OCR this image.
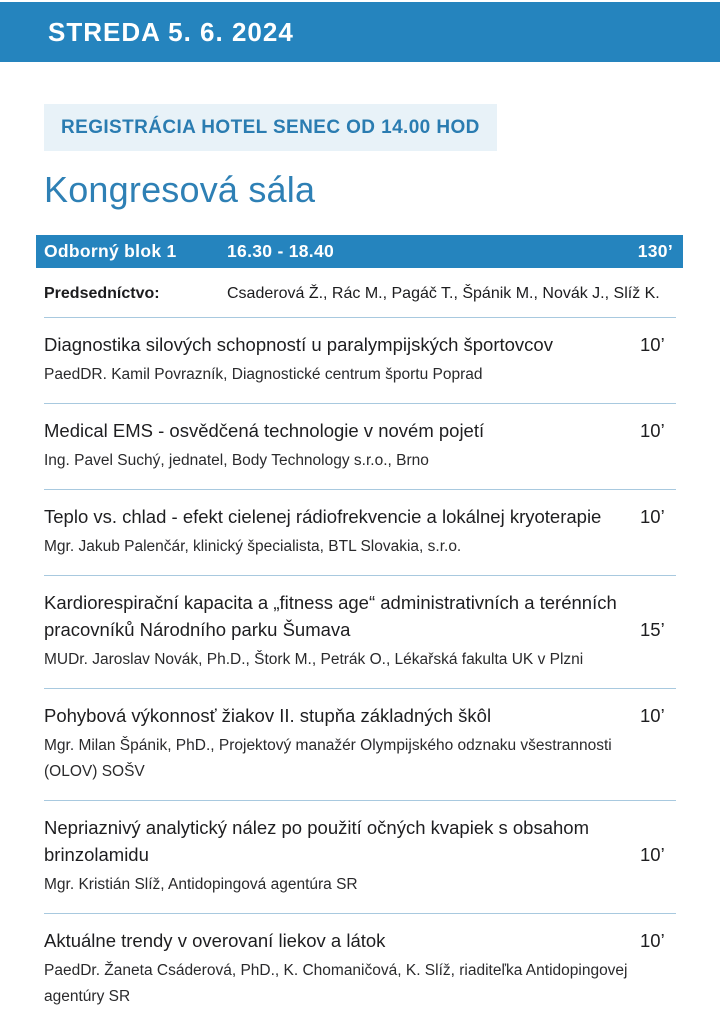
STREDA 5. 6. 2024
REGISTRÁCIA HOTEL SENEC OD 14.00 HOD
Kongresová sála
Odborný blok 1	16.30 - 18.40	130’
Predsedníctvo:	Csaderová Ž., Rác M., Pagáč T., Špánik M., Novák J., Slíž K.
Diagnostika silových schopností u paralympijských športovcov	10’
PaedDR. Kamil Povrazník, Diagnostické centrum športu Poprad
Medical EMS - osvědčená technologie v novém pojetí	10’
Ing. Pavel Suchý, jednatel, Body Technology s.r.o., Brno
Teplo vs. chlad - efekt cielenej rádiofrekvencie a lokálnej kryoterapie	10’
Mgr. Jakub Palenčár, klinický špecialista, BTL Slovakia, s.r.o.
Kardiorespirační kapacita a „fitness age“ administrativních a terénních pracovníků Národního parku Šumava	15’
MUDr. Jaroslav Novák, Ph.D., Štork M., Petrák O., Lékařská fakulta UK v Plzni
Pohybová výkonnosť žiakov II. stupňa základných škôl	10’
Mgr. Milan Špánik, PhD., Projektový manažér Olympijského odznaku všestrannosti (OLOV) SOŠV
Nepriaznivý analytický nález po použití očných kvapiek s obsahom brinzolamidu	10’
Mgr. Kristián Slíž, Antidopingová agentúra SR
Aktuálne trendy v overovaní liekov a látok	10’
PaedDr. Žaneta Csáderová, PhD., K. Chomaničová, K. Slíž, riaditeľka Antidopingovej agentúry SR
